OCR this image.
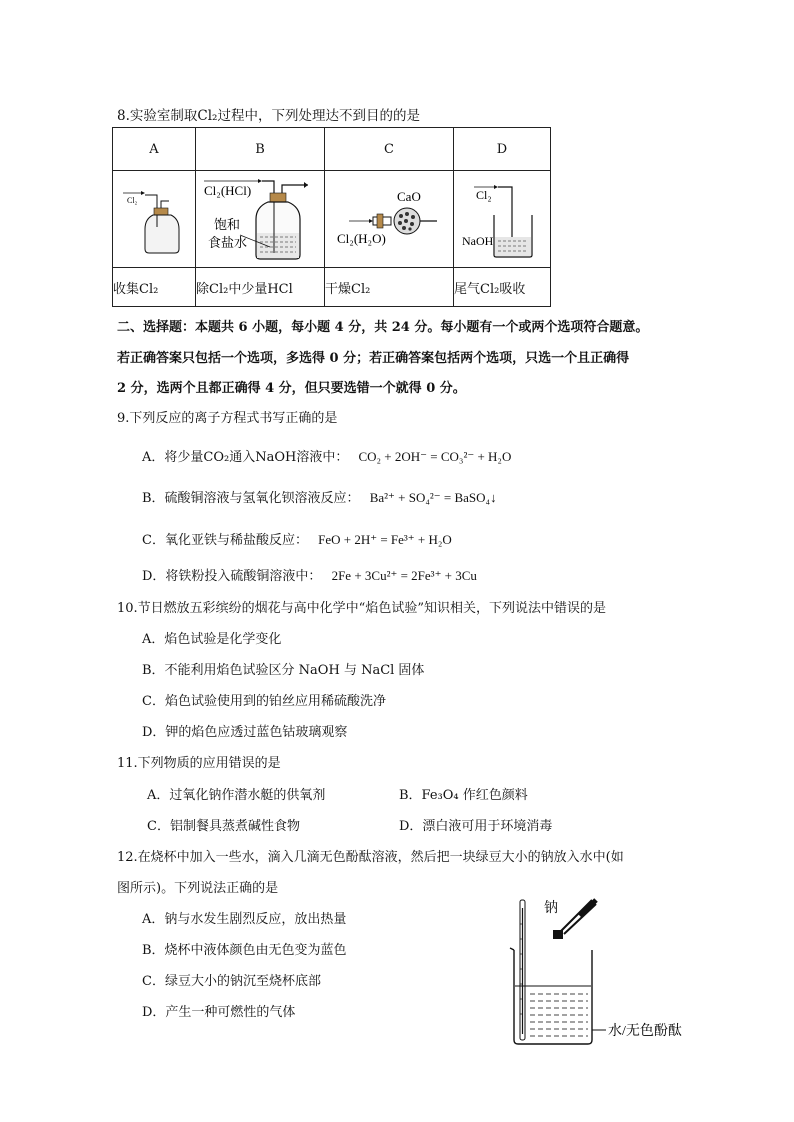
8.实验室制取Cl₂过程中，下列处理达不到目的的是
A	B	C	D

Cl₂	Cl₂(HCl)
饱和
食盐水	CaO
Cl₂(H₂O)	Cl₂
NaOH

收集Cl₂	除Cl₂中少量HCl	干燥Cl₂	尾气Cl₂吸收
二、选择题：本题共 6 小题，每小题 4 分，共 24 分。每小题有一个或两个选项符合题意。
若正确答案只包括一个选项，多选得 0 分；若正确答案包括两个选项，只选一个且正确得
2 分，选两个且都正确得 4 分，但只要选错一个就得 0 分。
9.下列反应的离子方程式书写正确的是
A．将少量CO₂通入NaOH溶液中： CO₂ + 2OH⁻ = CO₃²⁻ + H₂O
B．硫酸铜溶液与氢氧化钡溶液反应： Ba²⁺ + SO₄²⁻ = BaSO₄↓
C．氧化亚铁与稀盐酸反应： FeO + 2H⁺ = Fe³⁺ + H₂O
D．将铁粉投入硫酸铜溶液中： 2Fe + 3Cu²⁺ = 2Fe³⁺ + 3Cu
10.节日燃放五彩缤纷的烟花与高中化学中“焰色试验”知识相关，下列说法中错误的是
A．焰色试验是化学变化
B．不能利用焰色试验区分 NaOH 与 NaCl 固体
C．焰色试验使用到的铂丝应用稀硫酸洗净
D．钾的焰色应透过蓝色钴玻璃观察
11.下列物质的应用错误的是
A．过氧化钠作潜水艇的供氧剂	B．Fe₃O₄ 作红色颜料
C．铝制餐具蒸煮碱性食物	D．漂白液可用于环境消毒
12.在烧杯中加入一些水，滴入几滴无色酚酞溶液，然后把一块绿豆大小的钠放入水中(如
图所示)。下列说法正确的是
A．钠与水发生剧烈反应，放出热量
B．烧杯中液体颜色由无色变为蓝色
C．绿豆大小的钠沉至烧杯底部
D．产生一种可燃性的气体
钠
水/无色酚酞
